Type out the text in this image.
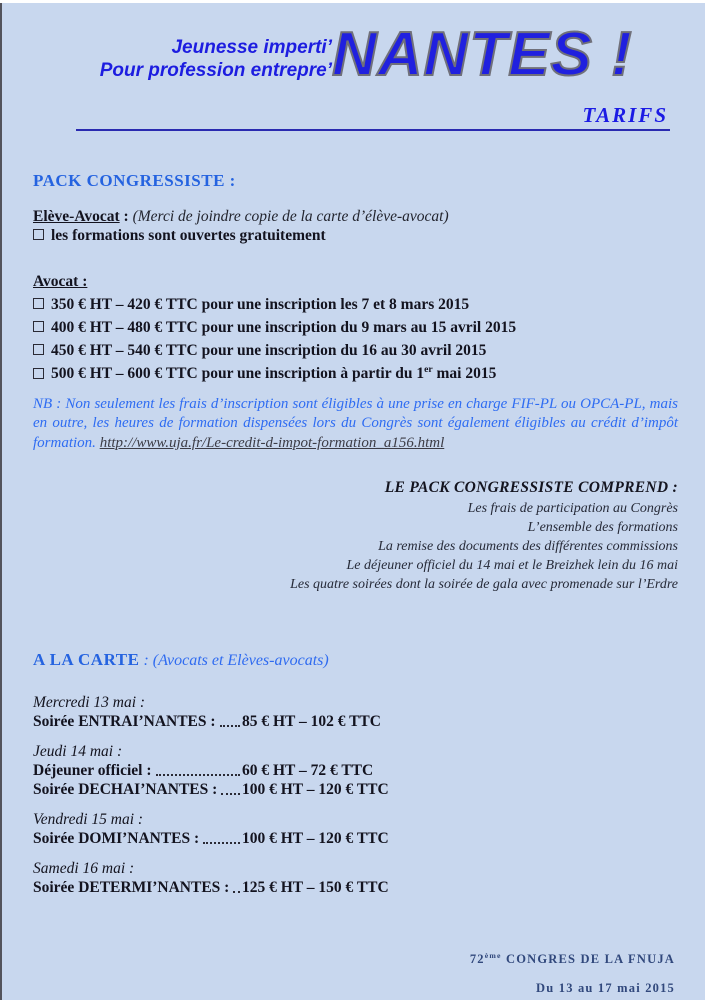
Jeunesse imperti’
Pour profession entrepre’ NANTES !
TARIFS
PACK CONGRESSISTE :
Elève-Avocat : (Merci de joindre copie de la carte d’élève-avocat)
les formations sont ouvertes gratuitement
Avocat :
350 € HT – 420 € TTC pour une inscription les 7 et 8 mars 2015
400 € HT – 480 € TTC pour une inscription du 9 mars au 15 avril 2015
450 € HT – 540 € TTC pour une inscription du 16 au 30 avril 2015
500 € HT – 600 € TTC pour une inscription à partir du 1er mai 2015
NB : Non seulement les frais d’inscription sont éligibles à une prise en charge FIF-PL ou OPCA-PL, mais en outre, les heures de formation dispensées lors du Congrès sont également éligibles au crédit d’impôt formation. http://www.uja.fr/Le-credit-d-impot-formation_a156.html
LE PACK CONGRESSISTE COMPREND :
Les frais de participation au Congrès
L’ensemble des formations
La remise des documents des différentes commissions
Le déjeuner officiel du 14 mai et le Breizhek lein du 16 mai
Les quatre soirées dont la soirée de gala avec promenade sur l’Erdre
A LA CARTE : (Avocats et Elèves-avocats)
Mercredi 13 mai :
Soirée ENTRAI’NANTES : 85 € HT – 102 € TTC
Jeudi 14 mai :
Déjeuner officiel :	60 € HT – 72 € TTC
Soirée DECHAI’NANTES : 100 € HT – 120 € TTC
Vendredi 15 mai :
Soirée DOMI’NANTES :	100 € HT – 120 € TTC
Samedi 16 mai :
Soirée DETERMI’NANTES : 125 € HT – 150 € TTC
72ème CONGRES DE LA FNUJA
Du 13 au 17 mai 2015
